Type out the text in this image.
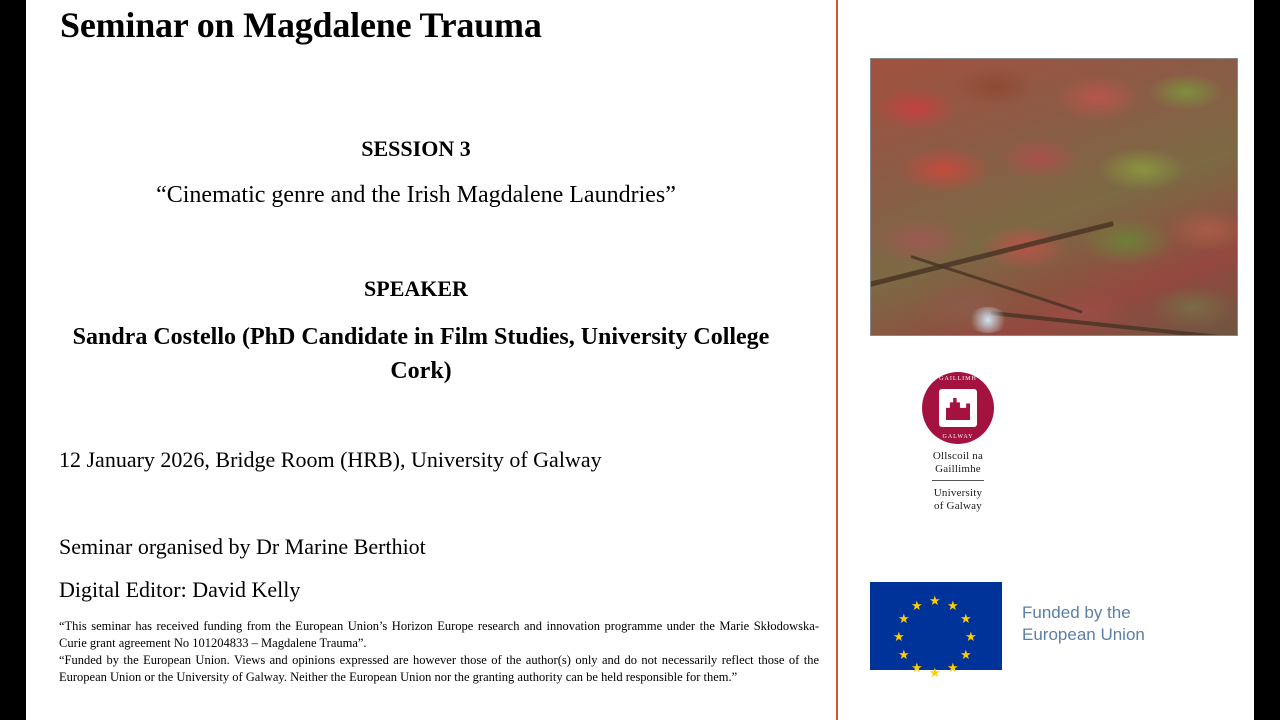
Seminar on Magdalene Trauma
SESSION 3
“Cinematic genre and the Irish Magdalene Laundries”
SPEAKER
Sandra Costello (PhD Candidate in Film Studies, University College Cork)
12 January 2026, Bridge Room (HRB), University of Galway
Seminar organised by Dr Marine Berthiot
Digital Editor: David Kelly

“This seminar has received funding from the European Union’s Horizon Europe research and innovation programme under the Marie Skłodowska-Curie grant agreement No 101204833 – Magdalene Trauma”.

“Funded by the European Union. Views and opinions expressed are however those of the author(s) only and do not necessarily reflect those of the European Union or the University of Galway. Neither the European Union nor the granting authority can be held responsible for them.”

GAILLIMH
GALWAY
Ollscoil na
Gaillimhe
University
of Galway
★ ★
★
★
★
★
★
★
★
★
★
★	Funded by the
European Union
